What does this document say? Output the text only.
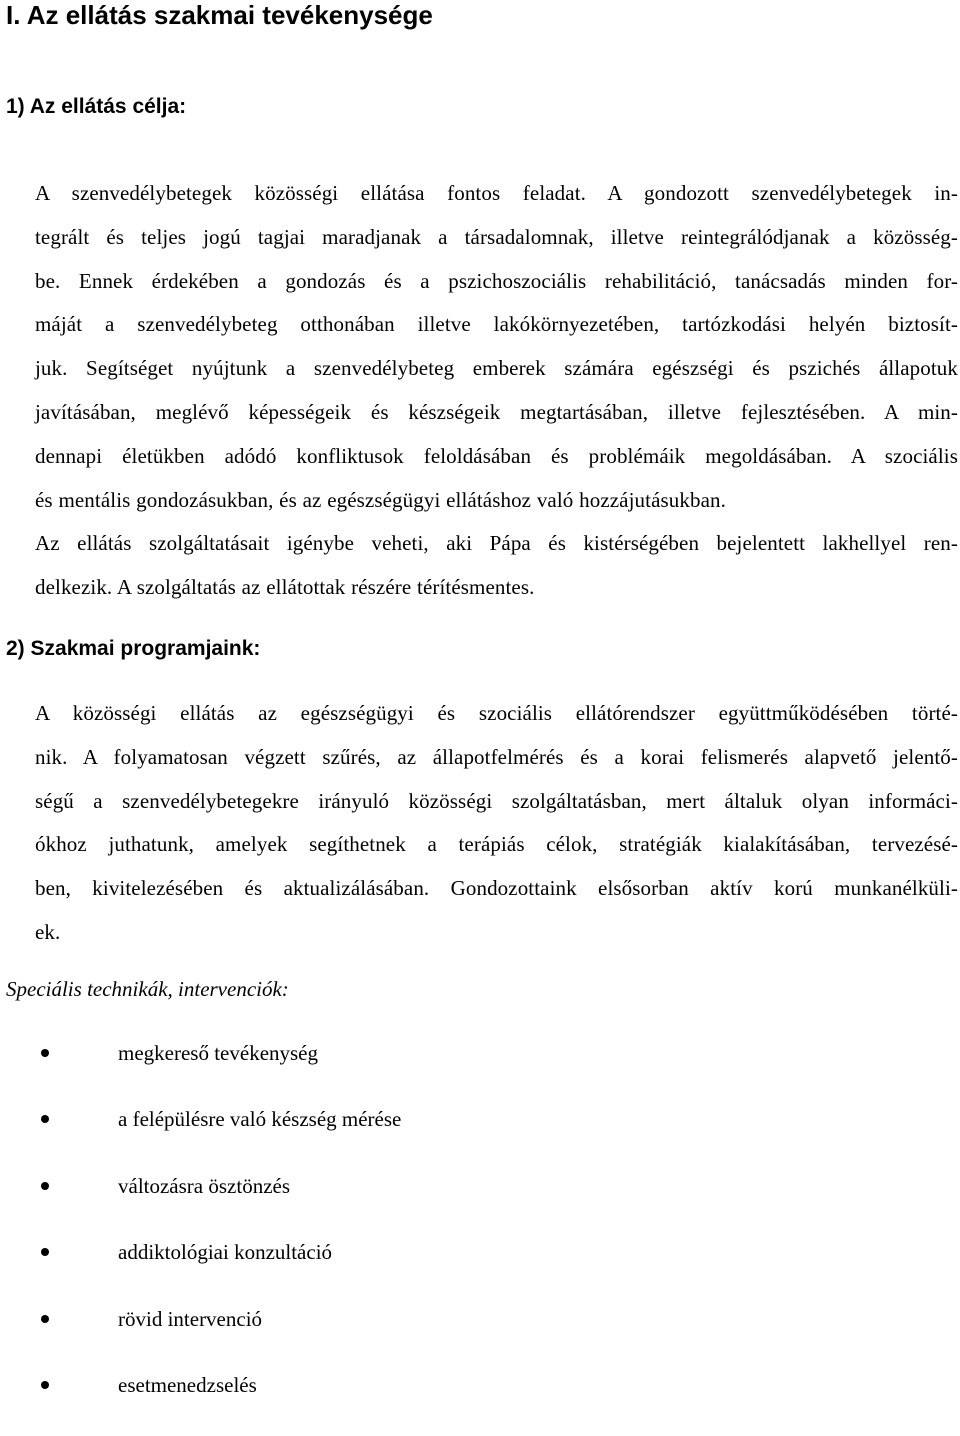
I. Az ellátás szakmai tevékenysége
1) Az ellátás célja:

A szenvedélybetegek közösségi ellátása fontos feladat. A gondozott szenvedélybetegek in-
tegrált és teljes jogú tagjai maradjanak a társadalomnak, illetve reintegrálódjanak a közösség-
be. Ennek érdekében a gondozás és a pszichoszociális rehabilitáció, tanácsadás minden for-
máját a szenvedélybeteg otthonában illetve lakókörnyezetében, tartózkodási helyén biztosít-
juk. Segítséget nyújtunk a szenvedélybeteg emberek számára egészségi és pszichés állapotuk
javításában, meglévő képességeik és készségeik megtartásában, illetve fejlesztésében. A min-
dennapi életükben adódó konfliktusok feloldásában és problémáik megoldásában. A szociális
és mentális gondozásukban, és az egészségügyi ellátáshoz való hozzájutásukban.
Az ellátás szolgáltatásait igénybe veheti, aki Pápa és kistérségében bejelentett lakhellyel ren-
delkezik. A szolgáltatás az ellátottak részére térítésmentes.

2) Szakmai programjaink:

A közösségi ellátás az egészségügyi és szociális ellátórendszer együttműködésében törté-
nik. A folyamatosan végzett szűrés, az állapotfelmérés és a korai felismerés alapvető jelentő-
ségű a szenvedélybetegekre irányuló közösségi szolgáltatásban, mert általuk olyan informáci-
ókhoz juthatunk, amelyek segíthetnek a terápiás célok, stratégiák kialakításában, tervezésé-
ben, kivitelezésében és aktualizálásában. Gondozottaink elsősorban aktív korú munkanélküli-
ek.

Speciális technikák, intervenciók:

megkereső tevékenység
a felépülésre való készség mérése
változásra ösztönzés
addiktológiai konzultáció
rövid intervenció
esetmenedzselés
